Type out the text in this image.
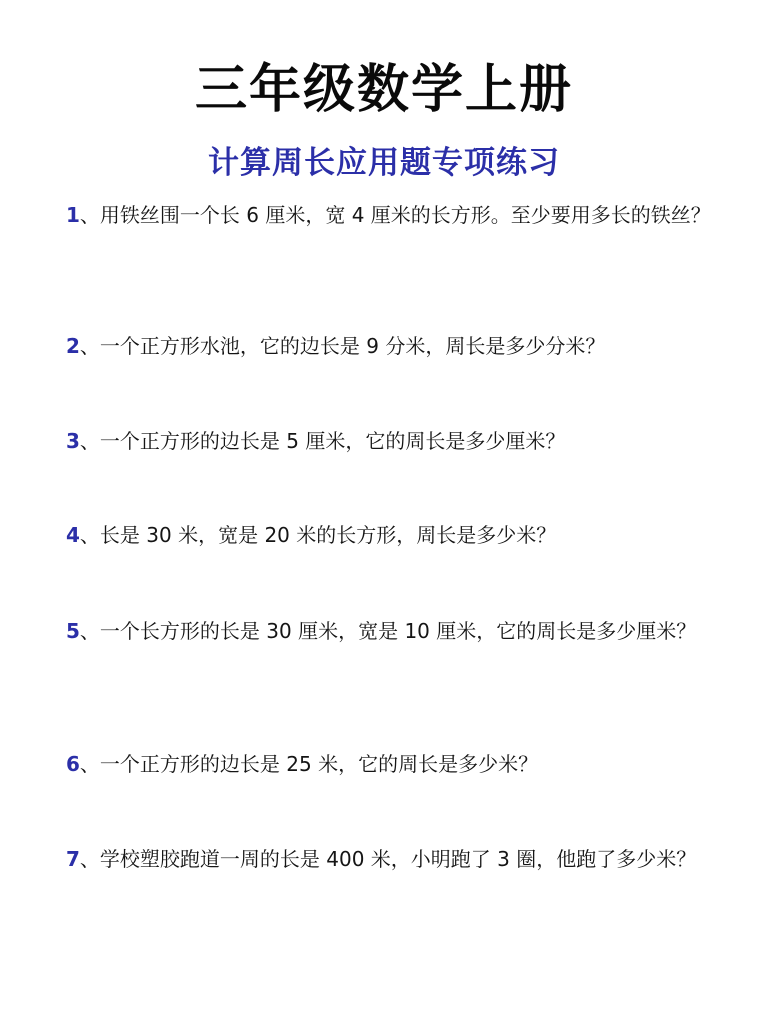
三年级数学上册
计算周长应用题专项练习
1、用铁丝围一个长 6 厘米，宽 4 厘米的长方形。至少要用多长的铁丝？
2、一个正方形水池，它的边长是 9 分米，周长是多少分米？
3、一个正方形的边长是 5 厘米，它的周长是多少厘米？
4、长是 30 米，宽是 20 米的长方形，周长是多少米？
5、一个长方形的长是 30 厘米，宽是 10 厘米，它的周长是多少厘米？
6、一个正方形的边长是 25 米，它的周长是多少米？
7、学校塑胶跑道一周的长是 400 米，小明跑了 3 圈，他跑了多少米？
